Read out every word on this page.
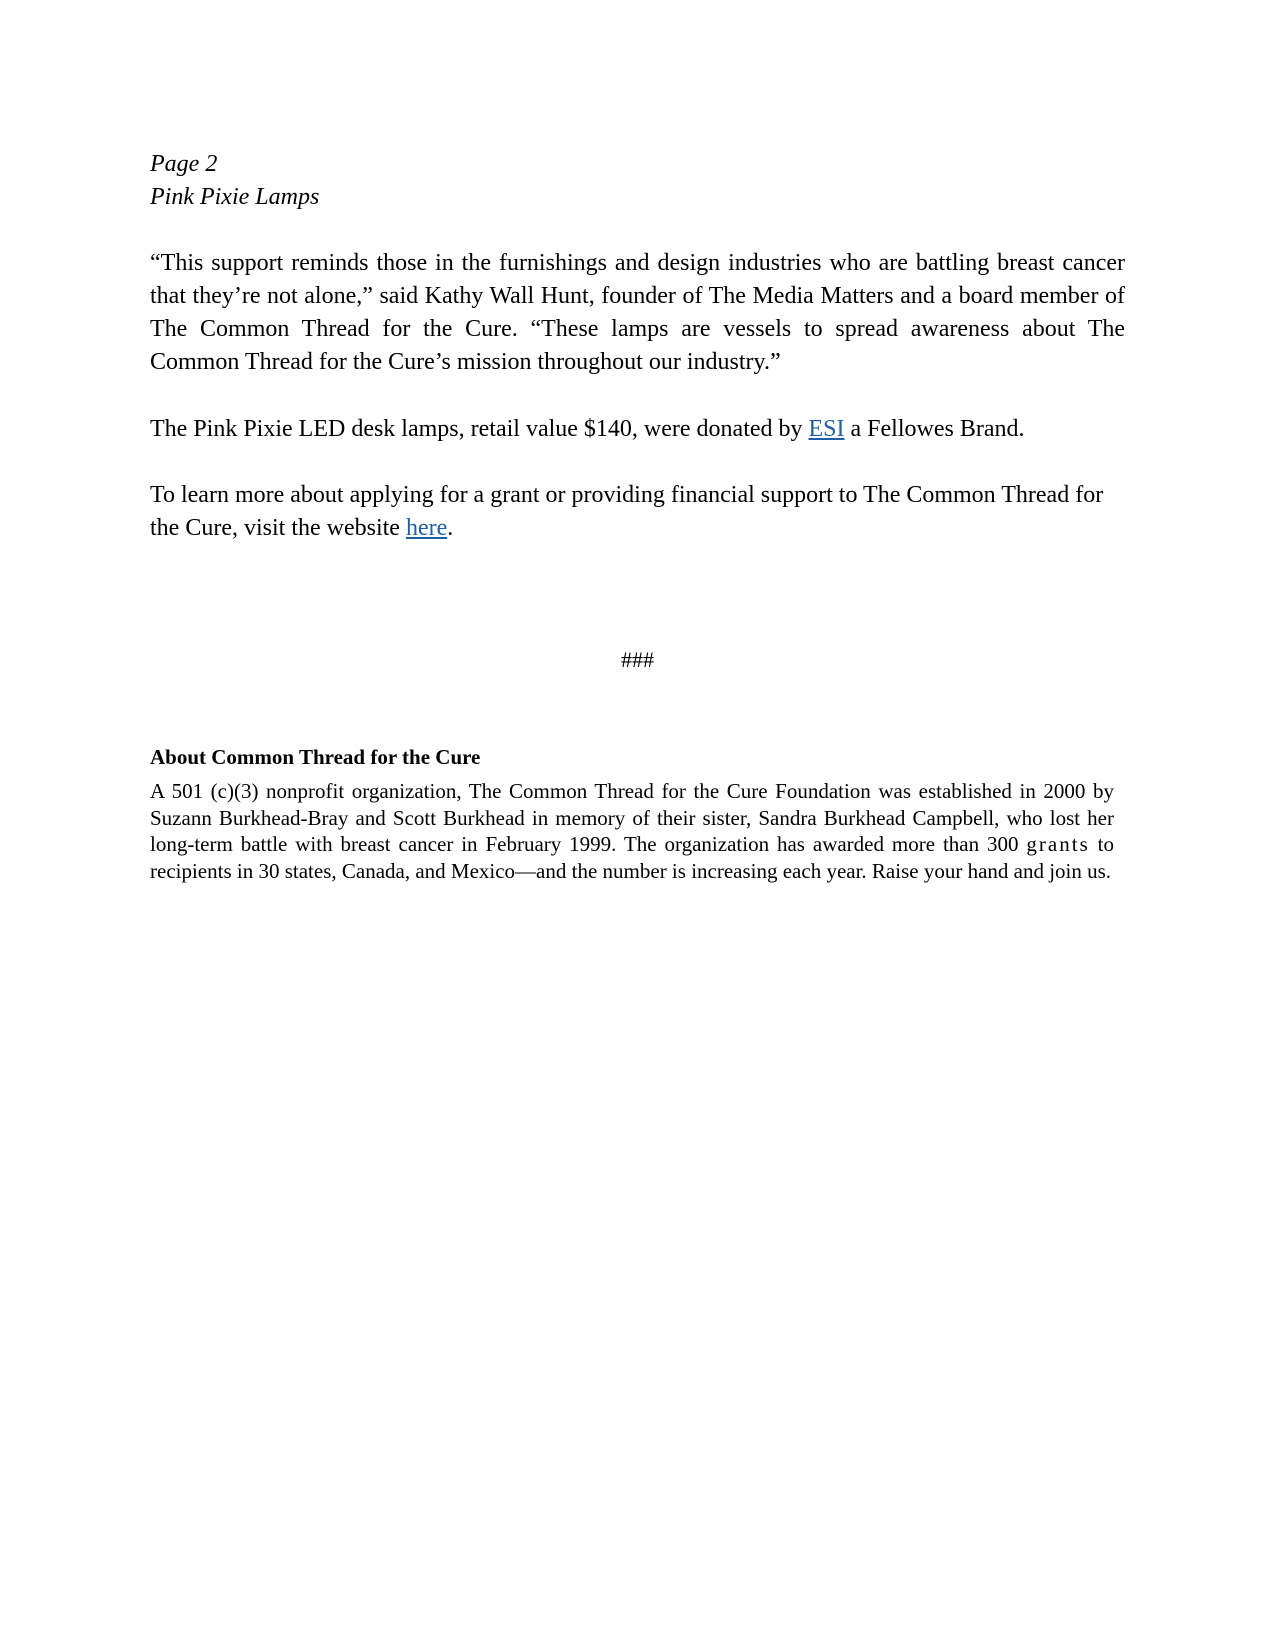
Page 2
Pink Pixie Lamps

“This support reminds those in the furnishings and design industries who are battling breast cancer that they’re not alone,” said Kathy Wall Hunt, founder of The Media Matters and a board member of The Common Thread for the Cure. “These lamps are vessels to spread awareness about The Common Thread for the Cure’s mission throughout our industry.”

The Pink Pixie LED desk lamps, retail value $140, were donated by ESI a Fellowes Brand.

To learn more about applying for a grant or providing financial support to The Common Thread for the Cure, visit the website here.

###
About Common Thread for the Cure

A 501 (c)(3) nonprofit organization, The Common Thread for the Cure Foundation was established in 2000 by Suzann Burkhead-Bray and Scott Burkhead in memory of their sister, Sandra Burkhead Campbell, who lost her long-term battle with breast cancer in February 1999. The organization has awarded more than 300 grants to recipients in 30 states, Canada, and Mexico—and the number is increasing each year. Raise your hand and join us.
